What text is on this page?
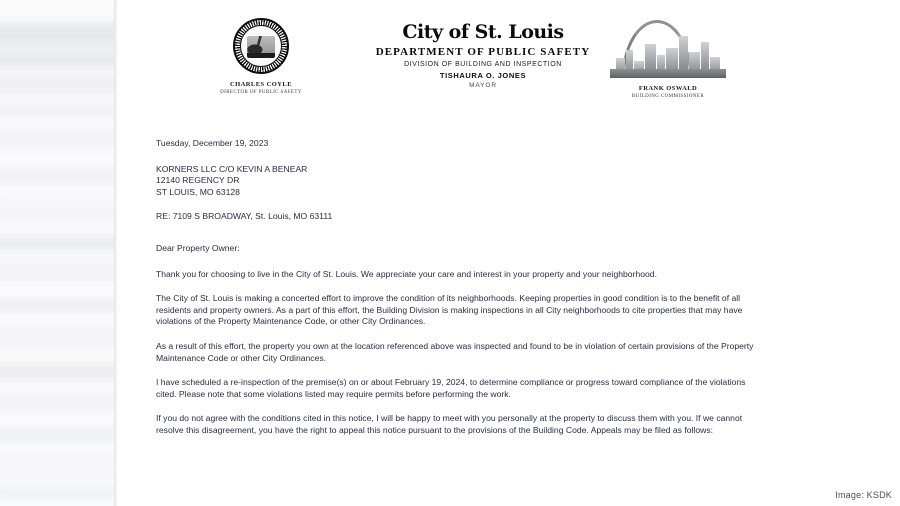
CHARLES COYLE
DIRECTOR OF PUBLIC SAFETY
City of St. Louis
DEPARTMENT OF PUBLIC SAFETY
DIVISION OF BUILDING AND INSPECTION
TISHAURA O. JONES
MAYOR	FRANK OSWALD
BUILDING COMMISSIONER
Tuesday, December 19, 2023
KORNERS LLC C/O KEVIN A BENEAR
12140 REGENCY DR
ST LOUIS, MO 63128
RE: 7109 S BROADWAY, St. Louis, MO 63111
Dear Property Owner:

Thank you for choosing to live in the City of St. Louis. We appreciate your care and interest in your property and your neighborhood.

The City of St. Louis is making a concerted effort to improve the condition of its neighborhoods. Keeping properties in good condition is to the benefit of all residents and property owners. As a part of this effort, the Building Division is making inspections in all City neighborhoods to cite properties that may have violations of the Property Maintenance Code, or other City Ordinances.

As a result of this effort, the property you own at the location referenced above was inspected and found to be in violation of certain provisions of the Property Maintenance Code or other City Ordinances.

I have scheduled a re-inspection of the premise(s) on or about February 19, 2024, to determine compliance or progress toward compliance of the violations cited. Please note that some violations listed may require permits before performing the work.

If you do not agree with the conditions cited in this notice, I will be happy to meet with you personally at the property to discuss them with you. If we cannot resolve this disagreement, you have the right to appeal this notice pursuant to the provisions of the Building Code. Appeals may be filed as follows:

Image: KSDK
